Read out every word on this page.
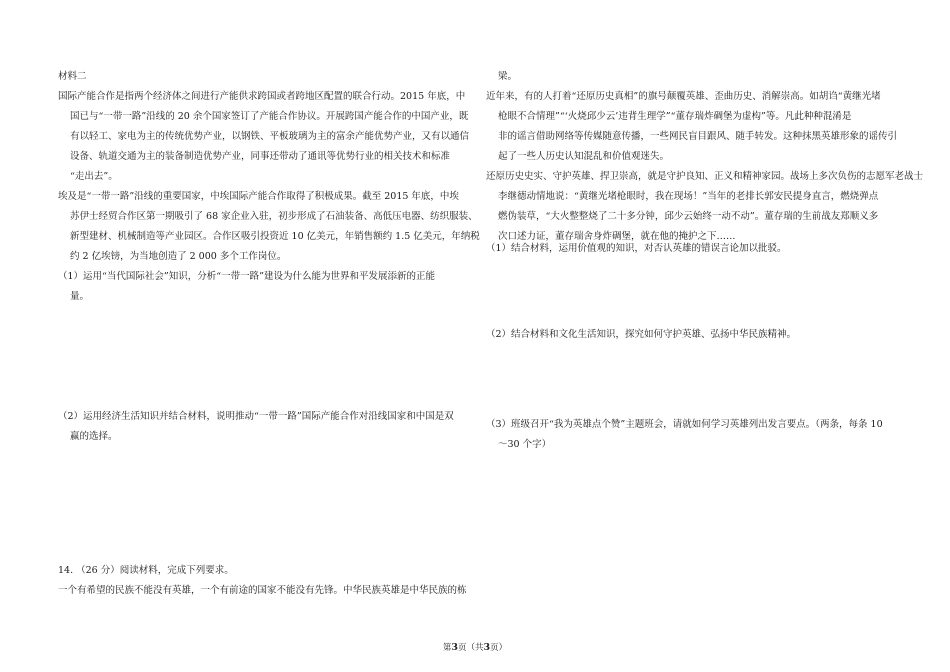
材料二
国际产能合作是指两个经济体之间进行产能供求跨国或者跨地区配置的联合行动。2015 年底，中
国已与“一带一路”沿线的 20 余个国家签订了产能合作协议。开展跨国产能合作的中国产业，既
有以轻工、家电为主的传统优势产业，以钢铁、平板玻璃为主的富余产能优势产业，又有以通信
设备、轨道交通为主的装备制造优势产业，同事还带动了通讯等优势行业的相关技术和标准
“走出去”。
埃及是“一带一路”沿线的重要国家，中埃国际产能合作取得了积极成果。截至 2015 年底，中埃
苏伊士经贸合作区第一期吸引了 68 家企业入驻，初步形成了石油装备、高低压电器、纺织服装、
新型建材、机械制造等产业园区。合作区吸引投资近 10 亿美元，年销售额约 1.5 亿美元，年纳税
约 2 亿埃镑，为当地创造了 2 000 多个工作岗位。
（1）运用“当代国际社会”知识，分析“一带一路”建设为什么能为世界和平发展添新的正能
量。
（2）运用经济生活知识并结合材料，说明推动“一带一路”国际产能合作对沿线国家和中国是双
赢的选择。
14. （26 分）阅读材料，完成下列要求。
一个有希望的民族不能没有英雄，一个有前途的国家不能没有先锋。中华民族英雄是中华民族的栋
梁。
近年来，有的人打着“还原历史真相”的旗号颠覆英雄、歪曲历史、消解崇高。如胡诌“黄继光堵
枪眼不合情理”“‘火烧邱少云’违背生理学”“董存瑞炸碉堡为虚构”等。凡此种种混淆是
非的谣言借助网络等传媒随意传播，一些网民盲目跟风、随手转发。这种抹黑英雄形象的谣传引
起了一些人历史认知混乱和价值观迷失。
还原历史史实、守护英雄、捍卫崇高，就是守护良知、正义和精神家园。战场上多次负伤的志愿军老战士
李继德动情地说：“黄继光堵枪眼时，我在现场！”当年的老排长郭安民提身直言，燃烧弹点
燃伪装草，“大火整整烧了二十多分钟，邱少云始终一动不动”。董存瑞的生前战友郑顺义多
次口述力证，董存瑞舍身炸碉堡，就在他的掩护之下……
（1）结合材料，运用价值观的知识，对否认英雄的错误言论加以批驳。
（2）结合材料和文化生活知识，探究如何守护英雄、弘扬中华民族精神。
（3）班级召开“我为英雄点个赞”主题班会，请就如何学习英雄列出发言要点。（两条，每条 10
～30 个字）
第3页（共3页）
